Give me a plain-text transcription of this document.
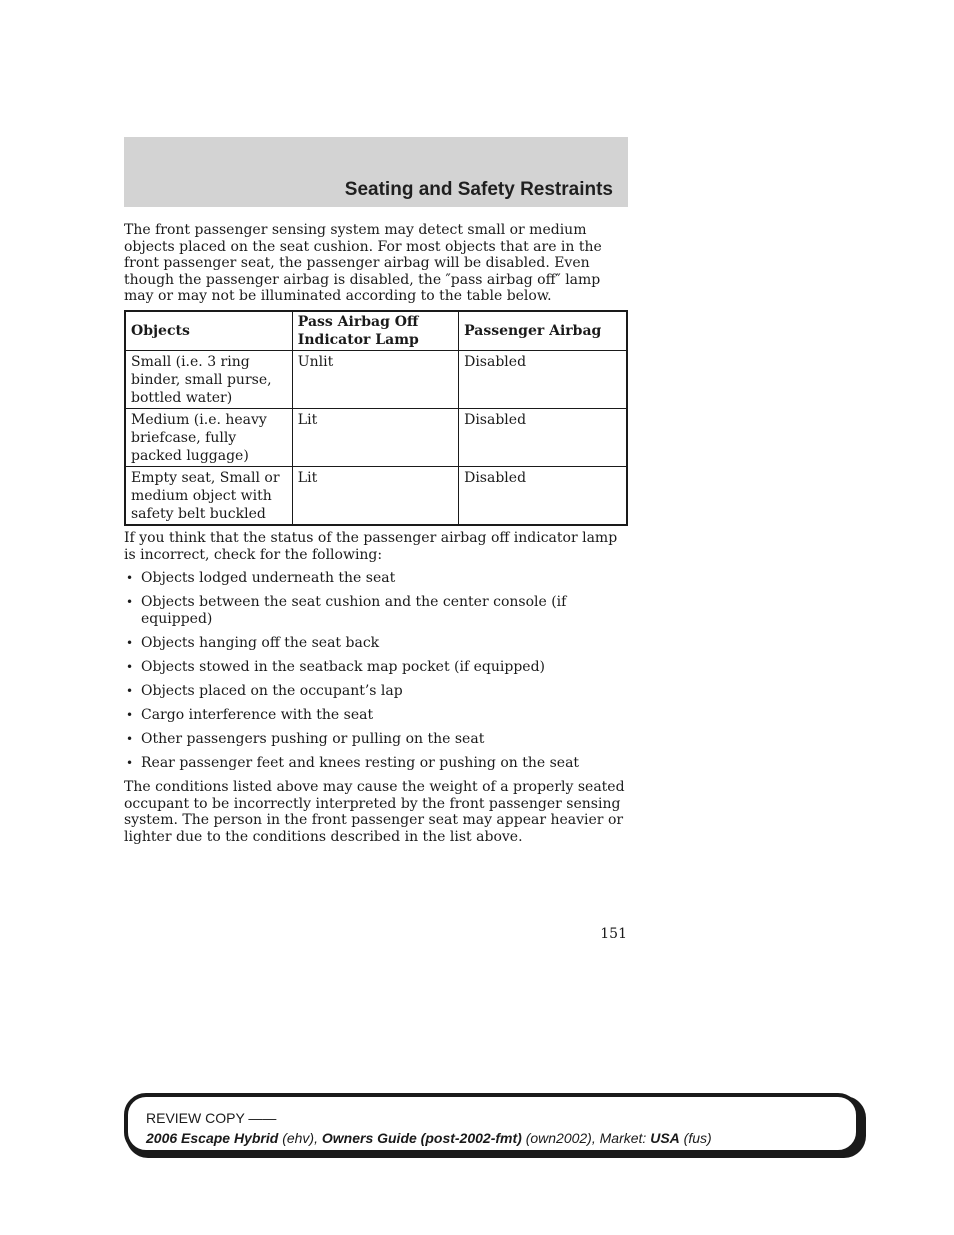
Seating and Safety Restraints
The front passenger sensing system may detect small or medium objects placed on the seat cushion. For most objects that are in the front passenger seat, the passenger airbag will be disabled. Even though the passenger airbag is disabled, the ″pass airbag off″ lamp may or may not be illuminated according to the table below.
Objects	Pass Airbag Off Indicator Lamp	Passenger Airbag
Small (i.e. 3 ring binder, small purse, bottled water)	Unlit	Disabled
Medium (i.e. heavy briefcase, fully packed luggage)	Lit	Disabled
Empty seat, Small or medium object with safety belt buckled	Lit	Disabled
If you think that the status of the passenger airbag off indicator lamp is incorrect, check for the following:
• Objects lodged underneath the seat
• Objects between the seat cushion and the center console (if equipped)
• Objects hanging off the seat back
• Objects stowed in the seatback map pocket (if equipped)
• Objects placed on the occupant’s lap
• Cargo interference with the seat
• Other passengers pushing or pulling on the seat
• Rear passenger feet and knees resting or pushing on the seat
The conditions listed above may cause the weight of a properly seated occupant to be incorrectly interpreted by the front passenger sensing system. The person in the front passenger seat may appear heavier or lighter due to the conditions described in the list above.
151
REVIEW COPY ——
2006 Escape Hybrid (ehv), Owners Guide (post-2002-fmt) (own2002), Market: USA (fus)
